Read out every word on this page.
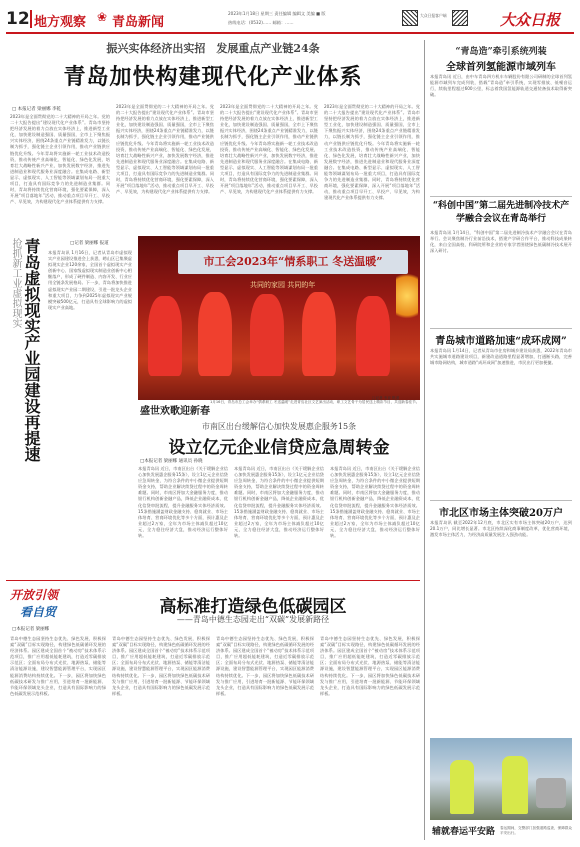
12 地方观察 ❀ 青岛新闻
2023年1月18日 星期三 责任编辑 编辑文 美编 ■ 版
热线电话：(0532)…… 邮箱：……
大众日报客户端	大众日报
振兴实体经济出实招　发展重点产业链24条
青岛加快构建现代化产业体系
□ 本报记者 梁丽娜 李乾
2023年是全面贯彻党的二十大精神的开局之年。党的二十大报告提出“建设现代化产业体系”。青岛市坚持把经济发展的着力点放在实体经济上，推进新型工业化，加快建设制造强国、质量强国，全市上下聚焦振兴实体经济，围绕24条重点产业链精准发力，以链长制为抓手，强化链主企业引领作用，推动产业链供应链优化升级。今年青岛将实施新一轮工业技术改造投资，推动传统产业高端化、智能化、绿色化发展，培育壮大战略性新兴产业，加快发展数字经济，推进先进制造业和现代服务业深度融合。在集成电路、新型显示、虚拟现实、人工智能等领域谋划布局一批重大项目，打造具有国际竞争力的先进制造业集群。同时，青岛将持续优化营商环境，强化要素保障，深入开展“项目落地年”活动，推动重点项目早开工、早投产、早见效，为构建现代化产业体系提供有力支撑。
2023年是全面贯彻党的二十大精神的开局之年。党的二十大报告提出“建设现代化产业体系”。青岛市坚持把经济发展的着力点放在实体经济上，推进新型工业化，加快建设制造强国、质量强国，全市上下聚焦振兴实体经济，围绕24条重点产业链精准发力，以链长制为抓手，强化链主企业引领作用，推动产业链供应链优化升级。今年青岛将实施新一轮工业技术改造投资，推动传统产业高端化、智能化、绿色化发展，培育壮大战略性新兴产业，加快发展数字经济，推进先进制造业和现代服务业深度融合。在集成电路、新型显示、虚拟现实、人工智能等领域谋划布局一批重大项目，打造具有国际竞争力的先进制造业集群。同时，青岛将持续优化营商环境，强化要素保障，深入开展“项目落地年”活动，推动重点项目早开工、早投产、早见效，为构建现代化产业体系提供有力支撑。
2023年是全面贯彻党的二十大精神的开局之年。党的二十大报告提出“建设现代化产业体系”。青岛市坚持把经济发展的着力点放在实体经济上，推进新型工业化，加快建设制造强国、质量强国，全市上下聚焦振兴实体经济，围绕24条重点产业链精准发力，以链长制为抓手，强化链主企业引领作用，推动产业链供应链优化升级。今年青岛将实施新一轮工业技术改造投资，推动传统产业高端化、智能化、绿色化发展，培育壮大战略性新兴产业，加快发展数字经济，推进先进制造业和现代服务业深度融合。在集成电路、新型显示、虚拟现实、人工智能等领域谋划布局一批重大项目，打造具有国际竞争力的先进制造业集群。同时，青岛将持续优化营商环境，强化要素保障，深入开展“项目落地年”活动，推动重点项目早开工、早投产、早见效，为构建现代化产业体系提供有力支撑。
2023年是全面贯彻党的二十大精神的开局之年。党的二十大报告提出“建设现代化产业体系”。青岛市坚持把经济发展的着力点放在实体经济上，推进新型工业化，加快建设制造强国、质量强国，全市上下聚焦振兴实体经济，围绕24条重点产业链精准发力，以链长制为抓手，强化链主企业引领作用，推动产业链供应链优化升级。今年青岛将实施新一轮工业技术改造投资，推动传统产业高端化、智能化、绿色化发展，培育壮大战略性新兴产业，加快发展数字经济，推进先进制造业和现代服务业深度融合。在集成电路、新型显示、虚拟现实、人工智能等领域谋划布局一批重大项目，打造具有国际竞争力的先进制造业集群。同时，青岛将持续优化营商环境，强化要素保障，深入开展“项目落地年”活动，推动重点项目早开工、早投产、早见效，为构建现代化产业体系提供有力支撑。
抢抓新工业虚拟现实 青岛虚拟现实产业园建设再提速	□记者 梁丽娜 报道
本报青岛讯 1月16日，记者从青岛市虚拟现实产业园建设推进会上获悉，崂山区已集聚虚拟现实企业120余家，全国首个虚拟现实产业创新中心、国家级虚拟现实制造业创新中心相继落户，形成了硬件制造、内容开发、行业应用全链条发展格局。下一步，青岛将加快推进虚拟现实产业园二期建设，引进一批龙头企业和重大项目，力争到2025年虚拟现实产业规模突破500亿元，打造具有全球影响力的虚拟现实产业高地。
市工会2023年“情系职工 冬送温暖”
共同的家园 共同的年
盛世欢歌迎新春
1月16日，青岛市总工会举办“情系职工 冬送温暖”走进青岛社区文艺演出活动，职工文艺骨干为居民送上精彩节目，共迎新春佳节。
□记者 韦亚 报道
市南区出台缓解信心加快发展惠企服务15条
设立亿元企业信贷应急周转金
□本报记者 梁丽娜 通讯员 孙晓
本报青岛讯 近日，市南区出台《关于缓解企业信心加快发展惠企服务15条》，设立1亿元企业信贷应急周转金，为符合条件的中小微企业提供短期资金支持，帮助企业解决续贷过程中的资金周转难题。同时，市南区将加大金融服务力度，推动银行机构创新金融产品，降低企业融资成本，优化信贷审批流程，提升金融服务实体经济质效。15条措施涵盖财政金融支持、稳岗就业、市场主体培育、营商环境优化等多个方面，预计惠及企业超过2万家，全年为市场主体减负超过10亿元，全力稳住经济大盘，推动经济运行整体好转。
本报青岛讯 近日，市南区出台《关于缓解企业信心加快发展惠企服务15条》，设立1亿元企业信贷应急周转金，为符合条件的中小微企业提供短期资金支持，帮助企业解决续贷过程中的资金周转难题。同时，市南区将加大金融服务力度，推动银行机构创新金融产品，降低企业融资成本，优化信贷审批流程，提升金融服务实体经济质效。15条措施涵盖财政金融支持、稳岗就业、市场主体培育、营商环境优化等多个方面，预计惠及企业超过2万家，全年为市场主体减负超过10亿元，全力稳住经济大盘，推动经济运行整体好转。
本报青岛讯 近日，市南区出台《关于缓解企业信心加快发展惠企服务15条》，设立1亿元企业信贷应急周转金，为符合条件的中小微企业提供短期资金支持，帮助企业解决续贷过程中的资金周转难题。同时，市南区将加大金融服务力度，推动银行机构创新金融产品，降低企业融资成本，优化信贷审批流程，提升金融服务实体经济质效。15条措施涵盖财政金融支持、稳岗就业、市场主体培育、营商环境优化等多个方面，预计惠及企业超过2万家，全年为市场主体减负超过10亿元，全力稳住经济大盘，推动经济运行整体好转。
开放引领
看自贸	高标准打造绿色低碳园区
——青岛中德生态园走出“双碳”发展新路径
□本报记者 梁丽娜
青岛中德生态园坚持生态优先、绿色发展，积极探索“双碳”目标实现路径，构建绿色低碳循环发展的经济体系。园区建成全国首个“被动房”技术体系示范项目，推广应用超低能耗建筑，打造近零碳排放示范区；全面布局分布式光伏、地源热泵、储能等清洁能源设施，建设智慧能源管理平台，实现园区能源消费结构持续优化。下一步，园区将加快绿色低碳技术研发与推广应用，引进培育一批新能源、节能环保领域龙头企业，打造具有国际影响力的绿色低碳发展示范样板。
青岛中德生态园坚持生态优先、绿色发展，积极探索“双碳”目标实现路径，构建绿色低碳循环发展的经济体系。园区建成全国首个“被动房”技术体系示范项目，推广应用超低能耗建筑，打造近零碳排放示范区；全面布局分布式光伏、地源热泵、储能等清洁能源设施，建设智慧能源管理平台，实现园区能源消费结构持续优化。下一步，园区将加快绿色低碳技术研发与推广应用，引进培育一批新能源、节能环保领域龙头企业，打造具有国际影响力的绿色低碳发展示范样板。
青岛中德生态园坚持生态优先、绿色发展，积极探索“双碳”目标实现路径，构建绿色低碳循环发展的经济体系。园区建成全国首个“被动房”技术体系示范项目，推广应用超低能耗建筑，打造近零碳排放示范区；全面布局分布式光伏、地源热泵、储能等清洁能源设施，建设智慧能源管理平台，实现园区能源消费结构持续优化。下一步，园区将加快绿色低碳技术研发与推广应用，引进培育一批新能源、节能环保领域龙头企业，打造具有国际影响力的绿色低碳发展示范样板。
青岛中德生态园坚持生态优先、绿色发展，积极探索“双碳”目标实现路径，构建绿色低碳循环发展的经济体系。园区建成全国首个“被动房”技术体系示范项目，推广应用超低能耗建筑，打造近零碳排放示范区；全面布局分布式光伏、地源热泵、储能等清洁能源设施，建设智慧能源管理平台，实现园区能源消费结构持续优化。下一步，园区将加快绿色低碳技术研发与推广应用，引进培育一批新能源、节能环保领域龙头企业，打造具有国际影响力的绿色低碳发展示范样板。
“青岛造”牵引系统列装
全球首列氢能源市域列车
本报青岛讯 近日，由中车青岛四方机车车辆股份有限公司研制的全球首列氢能源市域列车完成列装，搭载“青岛造”牵引系统，实现零排放、低噪音运行，续航里程超过600公里，标志着我国氢能源轨道交通装备技术取得新突破。
“科创中国”第二届先进制冷技术产学融合会议在青岛举行
本报青岛讯 1月14日，“科创中国”第二届先进制冷技术产学融合会议在青岛举行。会议聚焦制冷行业前沿技术，搭建产学研合作平台，推动科技成果转化，来自全国高校、科研院所和企业的专家学者围绕绿色低碳制冷技术展开深入研讨。
青岛城市道路加速“成环成网”
本报青岛讯 1月14日，记者从青岛市住房和城乡建设局获悉，2022年青岛市共实施城市道路建设项目，新建改造道路里程显著增加，打通断头路，完善城市路网结构，城市道路“成环成网”加速推进，市民出行更加便捷。
市北区市场主体突破20万户
本报青岛讯 截至2022年12月底，市北区实有市场主体突破20万户，达到20.1万户，同比增长显著。市北区持续深化商事制度改革，优化营商环境，激发市场主体活力，为经济高质量发展注入强劲动能。
辅就春运平安路 春运期间，交警部门加强道路巡查，保障群众平安出行。
